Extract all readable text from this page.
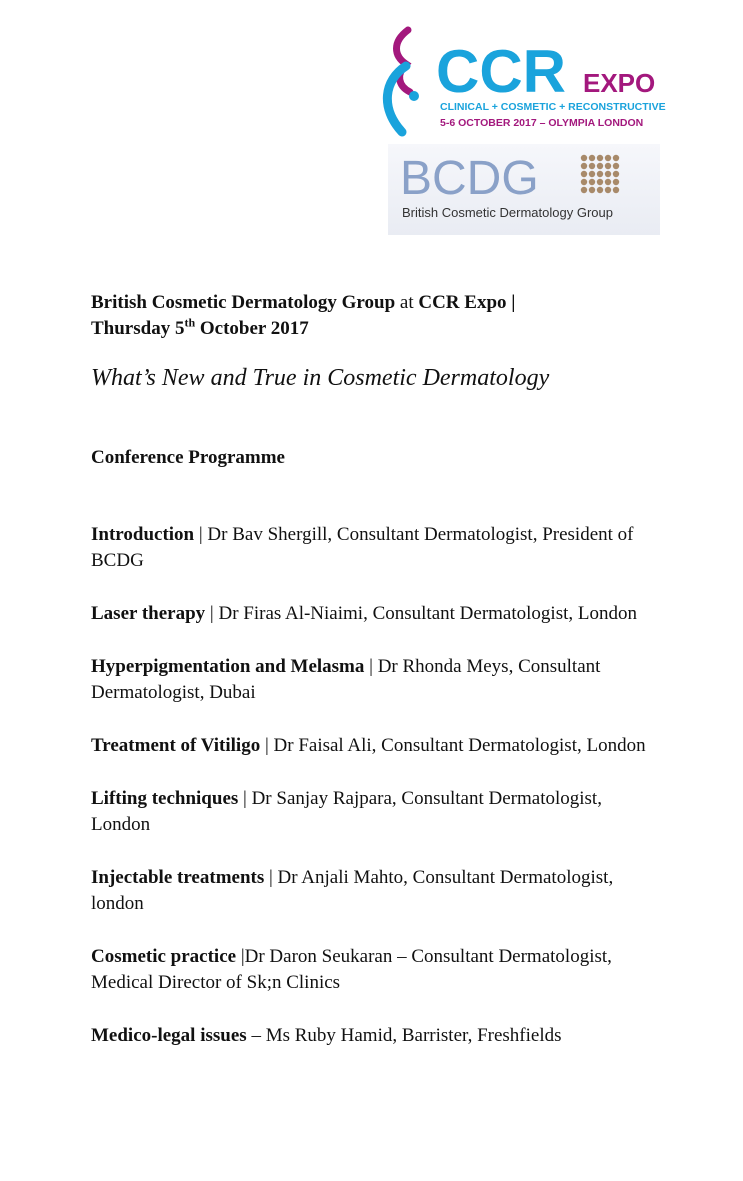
CCR EXPO
CLINICAL + COSMETIC + RECONSTRUCTIVE
5-6 OCTOBER 2017 – OLYMPIA LONDON
BCDG
British Cosmetic Dermatology Group

British Cosmetic Dermatology Group at CCR Expo |
Thursday 5th October 2017

What’s New and True in Cosmetic Dermatology

Conference Programme

Introduction | Dr Bav Shergill, Consultant Dermatologist, President of BCDG

Laser therapy | Dr Firas Al-Niaimi, Consultant Dermatologist, London

Hyperpigmentation and Melasma | Dr Rhonda Meys, Consultant Dermatologist, Dubai

Treatment of Vitiligo | Dr Faisal Ali, Consultant Dermatologist, London

Lifting techniques | Dr Sanjay Rajpara, Consultant Dermatologist, London

Injectable treatments | Dr Anjali Mahto, Consultant Dermatologist, london

Cosmetic practice |Dr Daron Seukaran – Consultant Dermatologist, Medical Director of Sk;n Clinics

Medico-legal issues – Ms Ruby Hamid, Barrister, Freshfields
